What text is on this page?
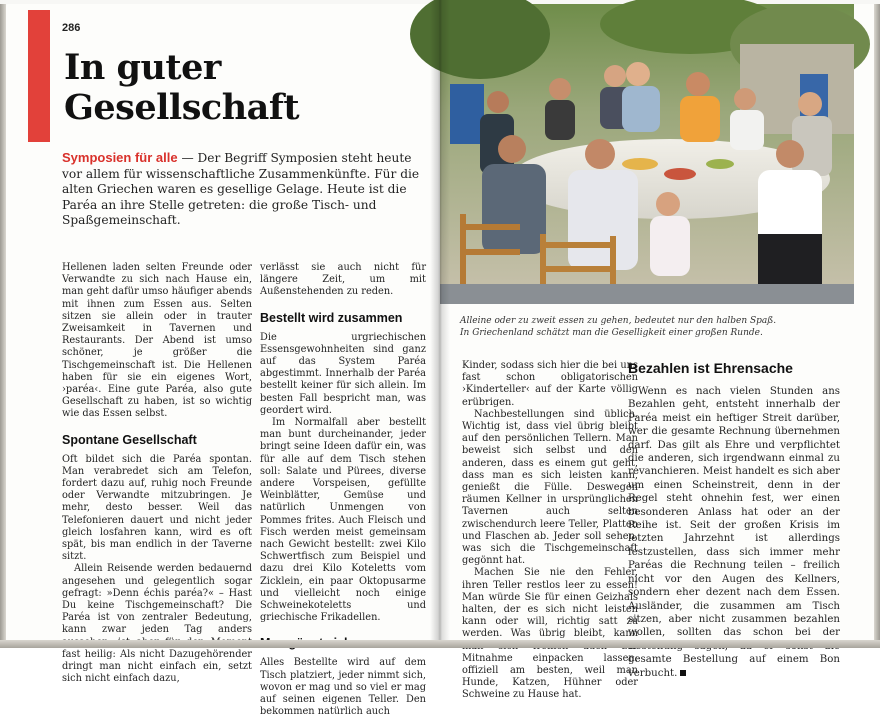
286
In guter Gesellschaft

Symposien für alle — Der Begriff Symposien steht heute vor allem für wissenschaftliche Zusammenkünfte. Für die alten Griechen waren es gesellige Gelage. Heute ist die Paréa an ihre Stelle getreten: die große Tisch- und Spaßgemeinschaft.

Hellenen laden selten Freunde oder Verwandte zu sich nach Hause ein, man geht dafür umso häufiger abends mit ihnen zum Essen aus. Selten sitzen sie allein oder in trauter Zweisamkeit in Tavernen und Restaurants. Der Abend ist umso schöner, je größer die Tischgemeinschaft ist. Die Hellenen haben für sie ein eigenes Wort, ›paréa‹. Eine gute Paréa, also gute Gesellschaft zu haben, ist so wichtig wie das Essen selbst.

Spontane Gesellschaft

Oft bildet sich die Paréa spontan. Man verabredet sich am Telefon, fordert dazu auf, ruhig noch Freunde oder Verwandte mitzubringen. Je mehr, desto besser. Weil das Telefonieren dauert und nicht jeder gleich losfahren kann, wird es oft spät, bis man endlich in der Taverne sitzt.

Allein Reisende werden bedauernd angesehen und gelegentlich sogar gefragt: »Denn échis paréa?« – Hast Du keine Tischgemeinschaft? Die Paréa ist von zentraler Bedeutung, kann zwar jeden Tag anders fast heilig: Als nicht Dazugehörender dringt man nicht einfach ein, setzt sich nicht einfach dazu,

verlässt sie auch nicht für längere Zeit, um mit Außenstehenden zu reden.

Bestellt wird zusammen

Die urgriechischen Essensgewohnheiten sind ganz auf das System Paréa abgestimmt. Innerhalb der Paréa bestellt keiner für sich allein. Im besten Fall bespricht man, was geordert wird.

Im Normalfall aber bestellt man bunt durcheinander, jeder bringt seine Ideen dafür ein, was für alle auf dem Tisch stehen soll: Salate und Pürees, diverse andere Vorspeisen, gefüllte Weinblätter, Gemüse und natürlich Unmengen von Pommes frites. Auch Fleisch und Fisch werden meist gemeinsam nach Gewicht bestellt: zwei Kilo Schwertfisch zum Beispiel und dazu drei Kilo Koteletts vom Zicklein, ein paar Oktopusarme und vielleicht noch einige Schweinekoteletts und griechische Frikadellen.

Alles Bestellte wird auf dem Tisch platziert, jeder nimmt sich, wovon er mag und so viel er mag auf seinen eigenen Teller. Den bekommen natürlich auch

Alleine oder zu zweit essen zu gehen, bedeutet nur den halben Spaß.
In Griechenland schätzt man die Geselligkeit einer großen Runde.

Kinder, sodass sich hier die bei uns fast schon obligatorischen ›Kinderteller‹ auf der Karte völlig erübrigen.

Nachbestellungen sind üblich. Wichtig ist, dass viel übrig bleibt auf den persönlichen Tellern. Man beweist sich selbst und den anderen, dass es einem gut geht, dass man es sich leisten kann, genießt die Fülle. Deswegen räumen Kellner in ursprünglichen Tavernen auch selten zwischendurch leere Teller, Platten und Flaschen ab. Jeder soll sehen, was sich die Tischgemeinschaft gegönnt hat.

Machen Sie nie den Fehler, ihren Teller restlos leer zu essen! Man würde Sie für einen Geizhals halten, der es sich nicht leisten kann oder will, richtig satt zu werden. Was übrig bleibt, kann Mitnahme einpacken lassen: offiziell am besten, weil man Hunde, Katzen, Hühner oder Schweine zu Hause hat.

Bezahlen ist Ehrensache

Wenn es nach vielen Stunden ans Bezahlen geht, entsteht innerhalb der Paréa meist ein heftiger Streit darüber, wer die gesamte Rechnung übernehmen darf. Das gilt als Ehre und verpflichtet die anderen, sich irgendwann einmal zu revanchieren. Meist handelt es sich aber um einen Scheinstreit, denn in der Regel steht ohnehin fest, wer einen besonderen Anlass hat oder an der Reihe ist. Seit der großen Krisis im letzten Jahrzehnt ist allerdings festzustellen, dass sich immer mehr Paréas die Rechnung teilen – freilich nicht vor den Augen des Kellners, sondern eher dezent nach dem Essen. Ausländer, die zusammen am Tisch sitzen, aber nicht zusammen bezahlen wollen, sollten das schon bei der gesamte Bestellung auf einem Bon verbucht.
